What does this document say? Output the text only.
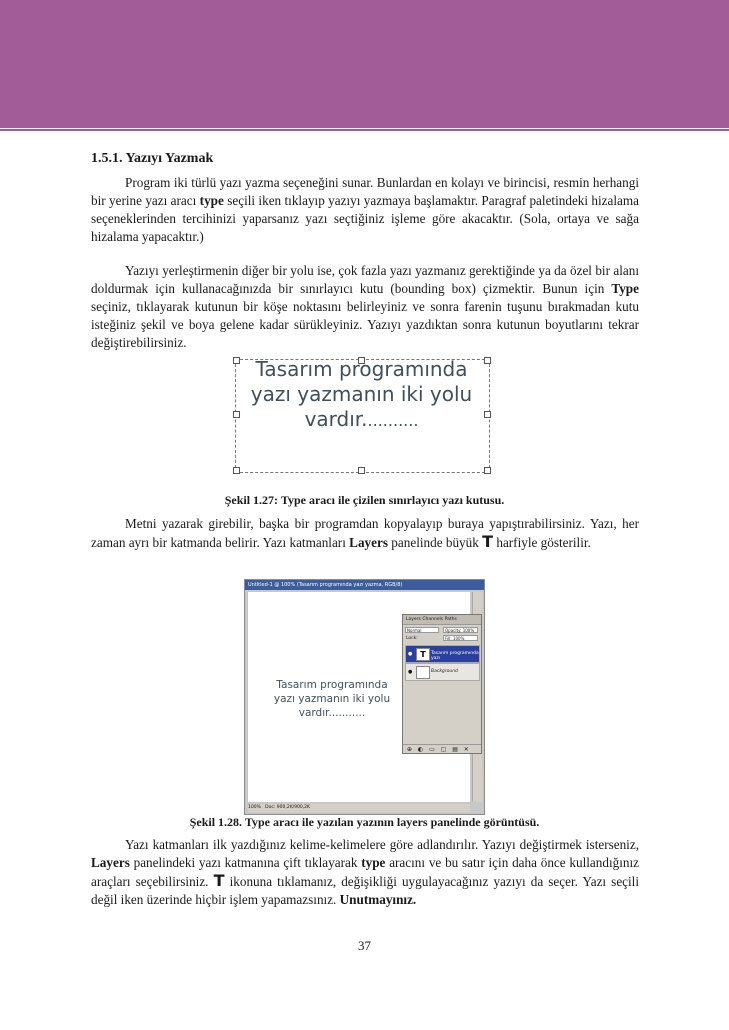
1.5.1. Yazıyı Yazmak

Program iki türlü yazı yazma seçeneğini sunar. Bunlardan en kolayı ve birincisi, resmin herhangi bir yerine yazı aracı type seçili iken tıklayıp yazıyı yazmaya başlamaktır. Paragraf paletindeki hizalama seçeneklerinden tercihinizi yaparsanız yazı seçtiğiniz işleme göre akacaktır. (Sola, ortaya ve sağa hizalama yapacaktır.)

Yazıyı yerleştirmenin diğer bir yolu ise, çok fazla yazı yazmanız gerektiğinde ya da özel bir alanı doldurmak için kullanacağınızda bir sınırlayıcı kutu (bounding box) çizmektir. Bunun için Type seçiniz, tıklayarak kutunun bir köşe noktasını belirleyiniz ve sonra farenin tuşunu bırakmadan kutu isteğiniz şekil ve boya gelene kadar sürükleyiniz. Yazıyı yazdıktan sonra kutunun boyutlarını tekrar değiştirebilirsiniz.

Tasarım programında
yazı yazmanın iki yolu
vardır...........
Şekil 1.27: Type aracı ile çizilen sınırlayıcı yazı kutusu.

Metni yazarak girebilir, başka bir programdan kopyalayıp buraya yapıştırabilirsiniz. Yazı, her zaman ayrı bir katmanda belirir. Yazı katmanları Layers panelinde büyük T harfiyle gösterilir.

Untitled-1 @ 100% (Tasarım programında yazı yazma, RGB/8)
Tasarım programında
yazı yazmanın iki yolu
vardır...........
100% Doc: 900,2K/900,2K
Layers Channels Paths
Normal	Opacity: 100%
Lock:	Fill: 100%
● T	Tasarım programında yazı
●	Background
⊕ ◐ ▭ ▢ ▤ ✕
Şekil 1.28. Type aracı ile yazılan yazının layers panelinde görüntüsü.

Yazı katmanları ilk yazdığınız kelime-kelimelere göre adlandırılır. Yazıyı değiştirmek isterseniz, Layers panelindeki yazı katmanına çift tıklayarak type aracını ve bu satır için daha önce kullandığınız araçları seçebilirsiniz. T ikonuna tıklamanız, değişikliği uygulayacağınız yazıyı da seçer. Yazı seçili değil iken üzerinde hiçbir işlem yapamazsınız. Unutmayınız.

37
